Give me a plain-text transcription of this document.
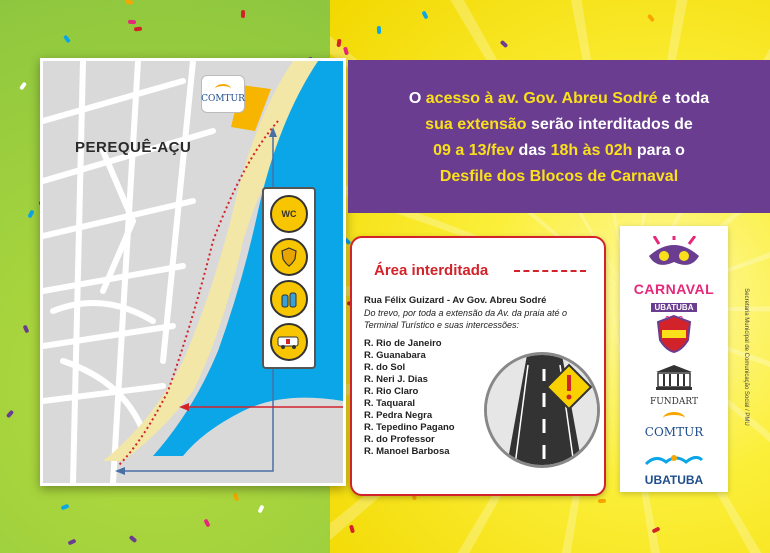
PEREQUÊ-AÇU
COMTUR
WC
O acesso à av. Gov. Abreu Sodré e toda
sua extensão serão interditados de
09 a 13/fev das 18h às 02h para o
Desfile dos Blocos de Carnaval
Área interditada
Rua Félix Guizard - Av Gov. Abreu Sodré
Do trevo, por toda a extensão da Av. da praia até o Terminal Turístico e suas intercessões:
R. Rio de Janeiro
R. Guanabara
R. do Sol
R. Neri J. Dias
R. Rio Claro
R. Taquaral
R. Pedra Negra
R. Tepedino Pagano
R. do Professor
R. Manoel Barbosa
CARNAVAL
UBATUBA
FUNDART
COMTUR
UBATUBA
Secretaria Municipal de Comunicação Social / PMU
